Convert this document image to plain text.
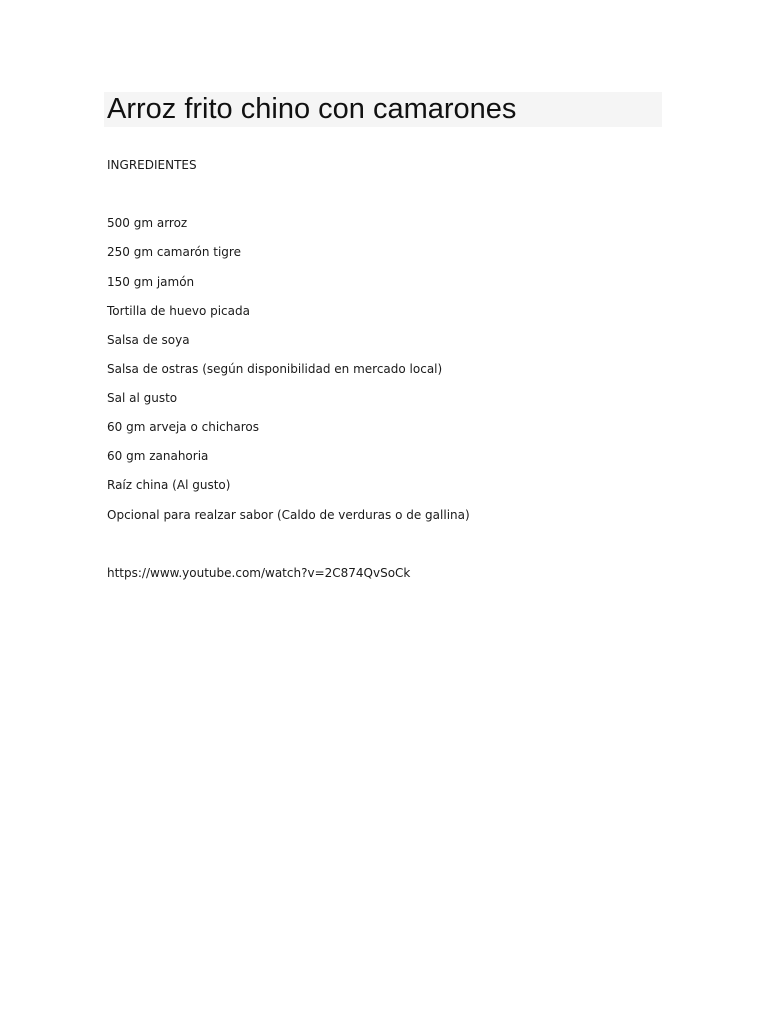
Arroz frito chino con camarones

INGREDIENTES

500 gm arroz
250 gm camarón tigre
150 gm jamón
Tortilla de huevo picada
Salsa de soya
Salsa de ostras (según disponibilidad en mercado local)
Sal al gusto
60 gm arveja o chicharos
60 gm zanahoria
Raíz china (Al gusto)
Opcional para realzar sabor (Caldo de verduras o de gallina)
https://www.youtube.com/watch?v=2C874QvSoCk
